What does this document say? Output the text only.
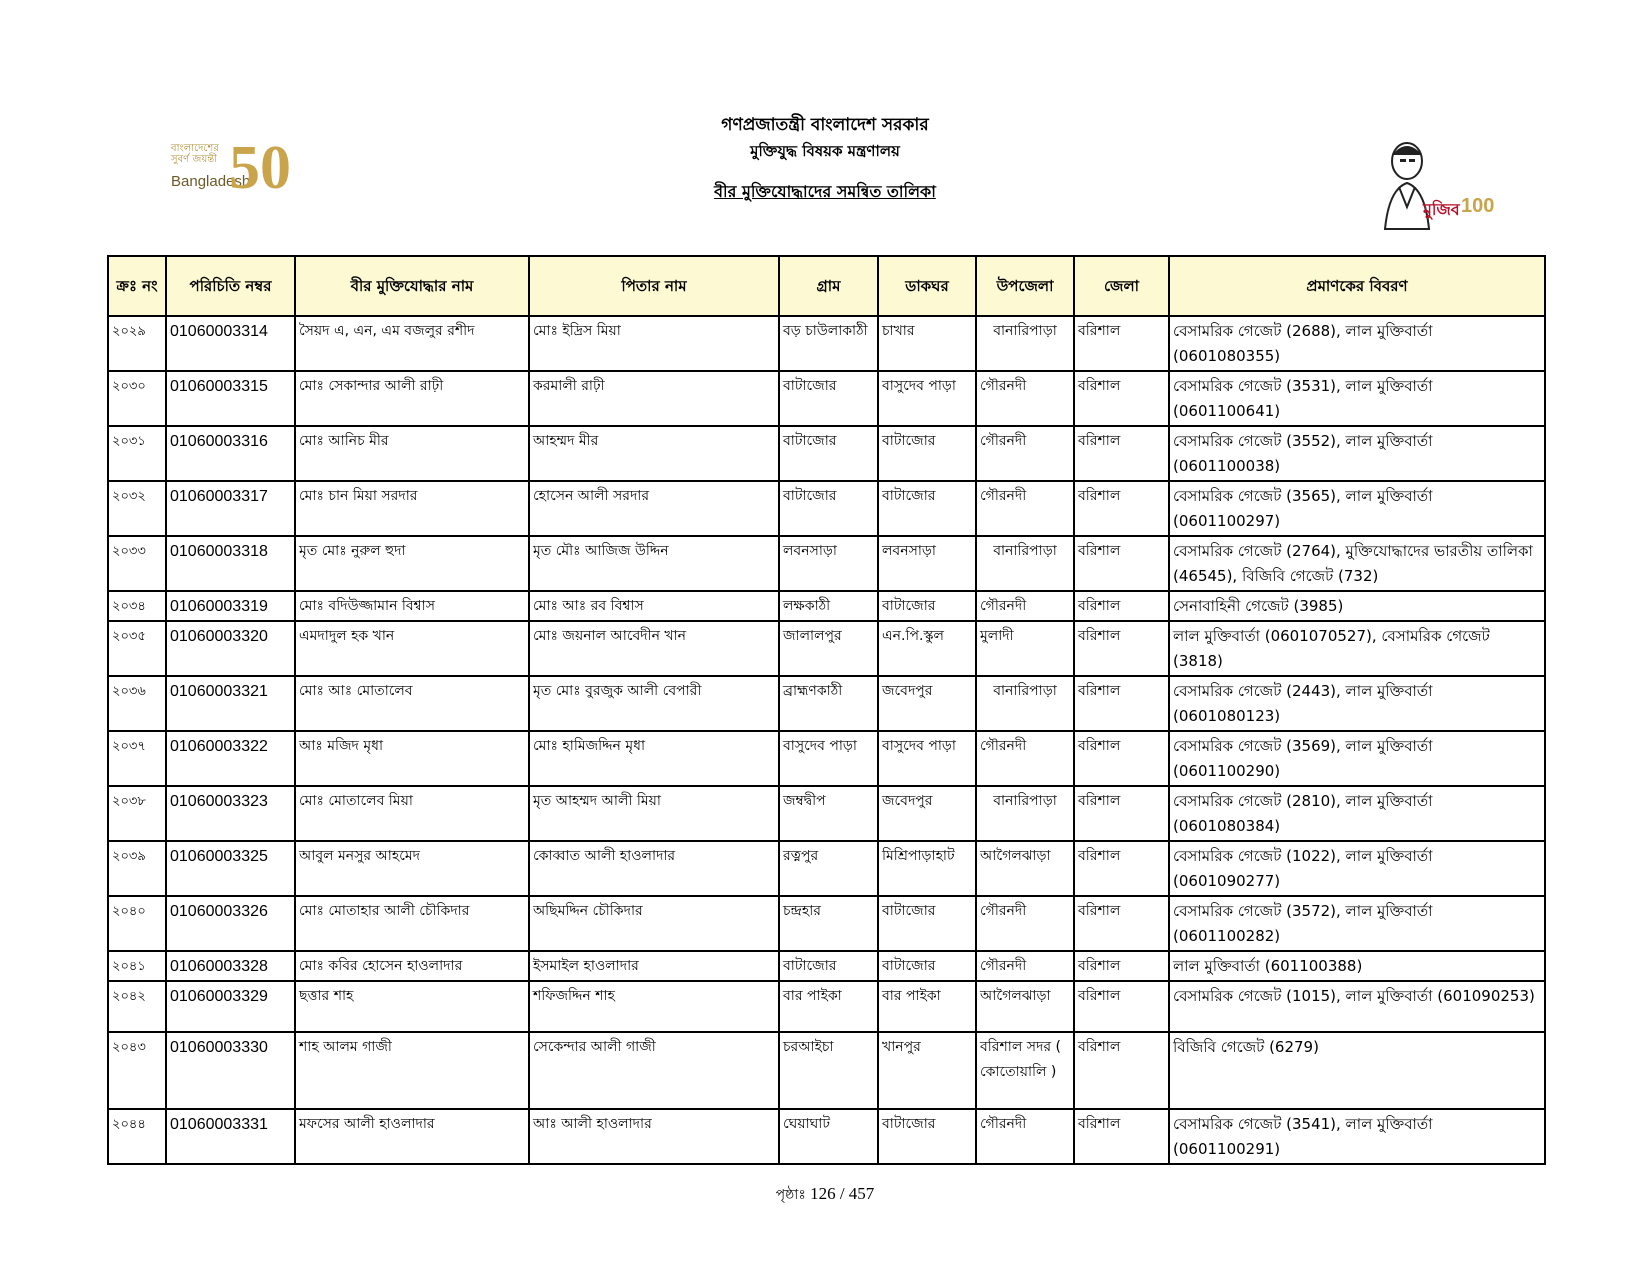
বাংলাদেশের সুবর্ণ জয়ন্তী
Bangladesh
50
গণপ্রজাতন্ত্রী বাংলাদেশ সরকার
মুক্তিযুদ্ধ বিষয়ক মন্ত্রণালয়
বীর মুক্তিযোদ্ধাদের সমন্বিত তালিকা
মুজিব 100
ক্রঃ নং	পরিচিতি নম্বর	বীর মুক্তিযোদ্ধার নাম	পিতার নাম	গ্রাম	ডাকঘর	উপজেলা	জেলা	প্রমাণকের বিবরণ
২০২৯	01060003314	সৈয়দ এ, এন, এম বজলুর রশীদ	মোঃ ইদ্রিস মিয়া	বড় চাউলাকাঠী	চাখার	বানারিপাড়া	বরিশাল	বেসামরিক গেজেট (2688), লাল মুক্তিবার্তা (0601080355)
২০৩০	01060003315	মোঃ সেকান্দার আলী রাঢ়ী	করমালী রাঢ়ী	বাটাজোর	বাসুদেব পাড়া	গৌরনদী	বরিশাল	বেসামরিক গেজেট (3531), লাল মুক্তিবার্তা (0601100641)
২০৩১	01060003316	মোঃ আনিচ মীর	আহম্মদ মীর	বাটাজোর	বাটাজোর	গৌরনদী	বরিশাল	বেসামরিক গেজেট (3552), লাল মুক্তিবার্তা (0601100038)
২০৩২	01060003317	মোঃ চান মিয়া সরদার	হোসেন আলী সরদার	বাটাজোর	বাটাজোর	গৌরনদী	বরিশাল	বেসামরিক গেজেট (3565), লাল মুক্তিবার্তা (0601100297)
২০৩৩	01060003318	মৃত মোঃ নুরুল হুদা	মৃত মৌঃ আজিজ উদ্দিন	লবনসাড়া	লবনসাড়া	বানারিপাড়া	বরিশাল	বেসামরিক গেজেট (2764), মুক্তিযোদ্ধাদের ভারতীয় তালিকা (46545), বিজিবি গেজেট (732)
২০৩৪	01060003319	মোঃ বদিউজ্জামান বিশ্বাস	মোঃ আঃ রব বিশ্বাস	লক্ষকাঠী	বাটাজোর	গৌরনদী	বরিশাল	সেনাবাহিনী গেজেট (3985)
২০৩৫	01060003320	এমদাদুল হক খান	মোঃ জয়নাল আবেদীন খান	জালালপুর	এন.পি.স্কুল	মুলাদী	বরিশাল	লাল মুক্তিবার্তা (0601070527), বেসামরিক গেজেট (3818)
২০৩৬	01060003321	মোঃ আঃ মোতালেব	মৃত মোঃ বুরজুক আলী বেপারী	ব্রাহ্মণকাঠী	জবেদপুর	বানারিপাড়া	বরিশাল	বেসামরিক গেজেট (2443), লাল মুক্তিবার্তা (0601080123)
২০৩৭	01060003322	আঃ মজিদ মৃধা	মোঃ হামিজদ্দিন মৃধা	বাসুদেব পাড়া	বাসুদেব পাড়া	গৌরনদী	বরিশাল	বেসামরিক গেজেট (3569), লাল মুক্তিবার্তা (0601100290)
২০৩৮	01060003323	মোঃ মোতালেব মিয়া	মৃত আহম্মদ আলী মিয়া	জম্বদ্বীপ	জবেদপুর	বানারিপাড়া	বরিশাল	বেসামরিক গেজেট (2810), লাল মুক্তিবার্তা (0601080384)
২০৩৯	01060003325	আবুল মনসুর আহমেদ	কোব্বাত আলী হাওলাদার	রত্নপুর	মিশ্রিপাড়াহাট	আগৈলঝাড়া	বরিশাল	বেসামরিক গেজেট (1022), লাল মুক্তিবার্তা (0601090277)
২০৪০	01060003326	মোঃ মোতাহার আলী চৌকিদার	অছিমদ্দিন চৌকিদার	চন্দ্রহার	বাটাজোর	গৌরনদী	বরিশাল	বেসামরিক গেজেট (3572), লাল মুক্তিবার্তা (0601100282)
২০৪১	01060003328	মোঃ কবির হোসেন হাওলাদার	ইসমাইল হাওলাদার	বাটাজোর	বাটাজোর	গৌরনদী	বরিশাল	লাল মুক্তিবার্তা (601100388)
২০৪২	01060003329	ছত্তার শাহ	শফিজদ্দিন শাহ	বার পাইকা	বার পাইকা	আগৈলঝাড়া	বরিশাল	বেসামরিক গেজেট (1015), লাল মুক্তিবার্তা (601090253)
২০৪৩	01060003330	শাহ আলম গাজী	সেকেন্দার আলী গাজী	চরআইচা	খানপুর	বরিশাল সদর ( কোতোয়ালি )	বরিশাল	বিজিবি গেজেট (6279)
২০৪৪	01060003331	মফসের আলী হাওলাদার	আঃ আলী হাওলাদার	ঘেয়াঘাট	বাটাজোর	গৌরনদী	বরিশাল	বেসামরিক গেজেট (3541), লাল মুক্তিবার্তা (0601100291)
পৃষ্ঠাঃ 126 / 457
